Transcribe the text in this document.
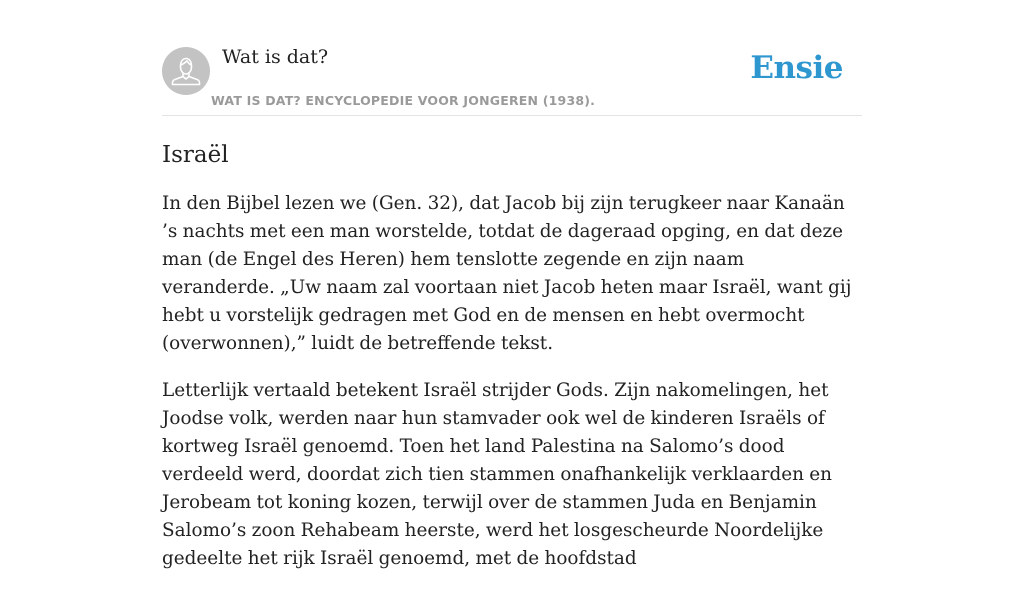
Wat is dat?
WAT IS DAT? ENCYCLOPEDIE VOOR JONGEREN (1938).
Ensie
Israël

In den Bijbel lezen we (Gen. 32), dat Jacob bij zijn terugkeer naar Kanaän ’s nachts met een man worstelde, totdat de dageraad opging, en dat deze man (de Engel des Heren) hem tenslotte zegende en zijn naam veranderde. „Uw naam zal voortaan niet Jacob heten maar Israël, want gij hebt u vorstelijk gedragen met God en de mensen en hebt overmocht (overwonnen),” luidt de betreffende tekst.

Letterlijk vertaald betekent Israël strijder Gods. Zijn nakomelingen, het Joodse volk, werden naar hun stamvader ook wel de kinderen Israëls of kortweg Israël genoemd. Toen het land Palestina na Salomo’s dood verdeeld werd, doordat zich tien stammen onafhankelijk verklaarden en Jerobeam tot koning kozen, terwijl over de stammen Juda en Benjamin Salomo’s zoon Rehabeam heerste, werd het losgescheurde Noordelijke gedeelte het rijk Israël genoemd, met de hoofdstad
